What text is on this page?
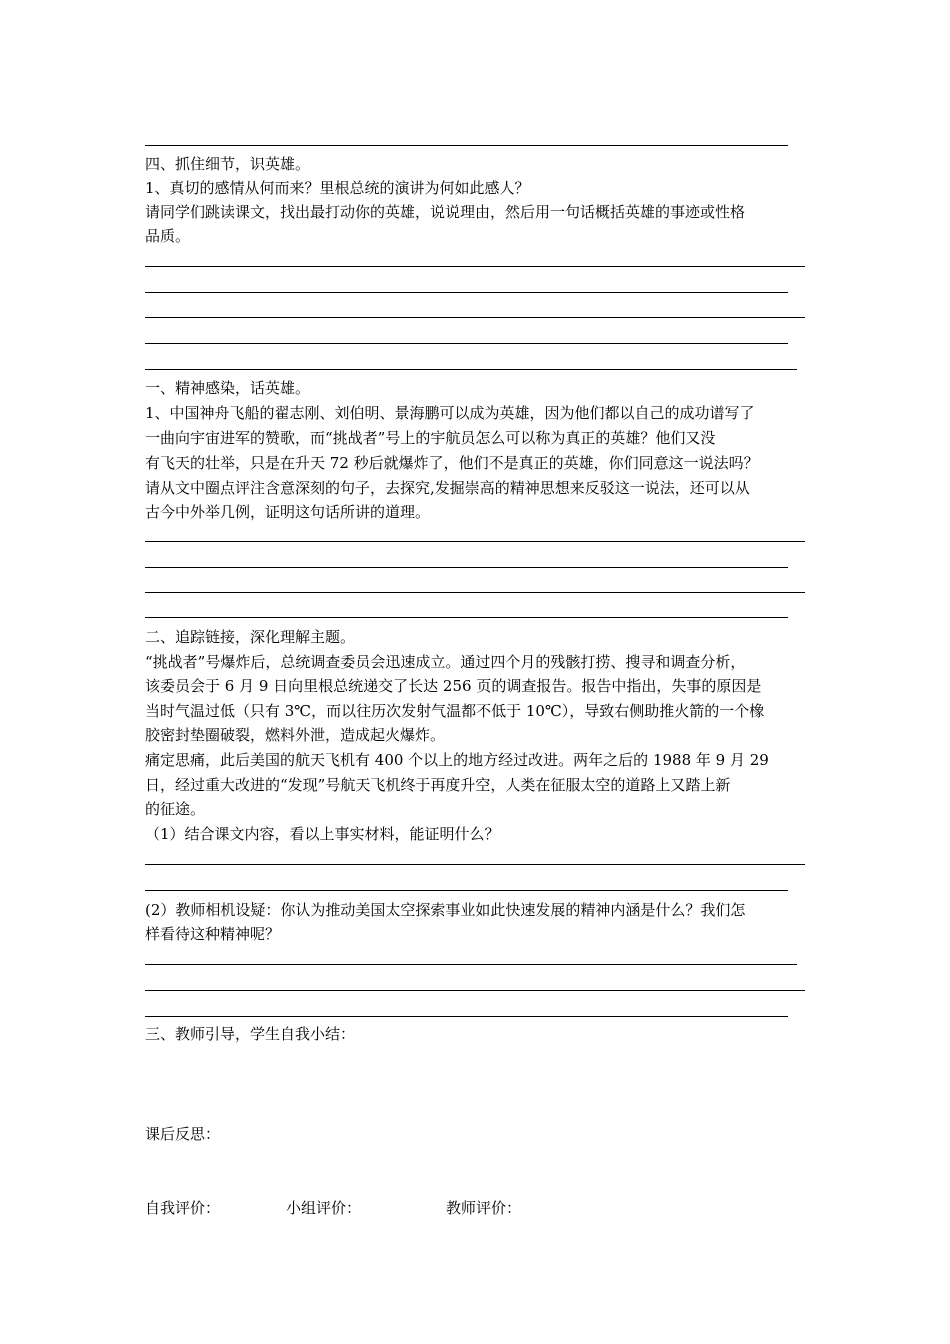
四、抓住细节，识英雄。

1、真切的感情从何而来？里根总统的演讲为何如此感人？

请同学们跳读课文，找出最打动你的英雄，说说理由，然后用一句话概括英雄的事迹或性格

品质。

一、精神感染，话英雄。

1、中国神舟飞船的翟志刚、刘伯明、景海鹏可以成为英雄，因为他们都以自己的成功谱写了

一曲向宇宙进军的赞歌，而“挑战者”号上的宇航员怎么可以称为真正的英雄？他们又没

有飞天的壮举，只是在升天 72 秒后就爆炸了，他们不是真正的英雄，你们同意这一说法吗？

请从文中圈点评注含意深刻的句子，去探究,发掘崇高的精神思想来反驳这一说法，还可以从

古今中外举几例，证明这句话所讲的道理。

二、追踪链接，深化理解主题。

“挑战者”号爆炸后，总统调查委员会迅速成立。通过四个月的残骸打捞、搜寻和调查分析，

该委员会于 6 月 9 日向里根总统递交了长达 256 页的调查报告。报告中指出，失事的原因是

当时气温过低（只有 3℃，而以往历次发射气温都不低于 10℃），导致右侧助推火箭的一个橡

胶密封垫圈破裂，燃料外泄，造成起火爆炸。

痛定思痛，此后美国的航天飞机有 400 个以上的地方经过改进。两年之后的 1988 年 9 月 29

日，经过重大改进的“发现”号航天飞机终于再度升空，人类在征服太空的道路上又踏上新

的征途。

（1）结合课文内容，看以上事实材料，能证明什么？

(2）教师相机设疑：你认为推动美国太空探索事业如此快速发展的精神内涵是什么？我们怎

样看待这种精神呢？

三、教师引导，学生自我小结：

课后反思：

自我评价：	小组评价：	教师评价：
